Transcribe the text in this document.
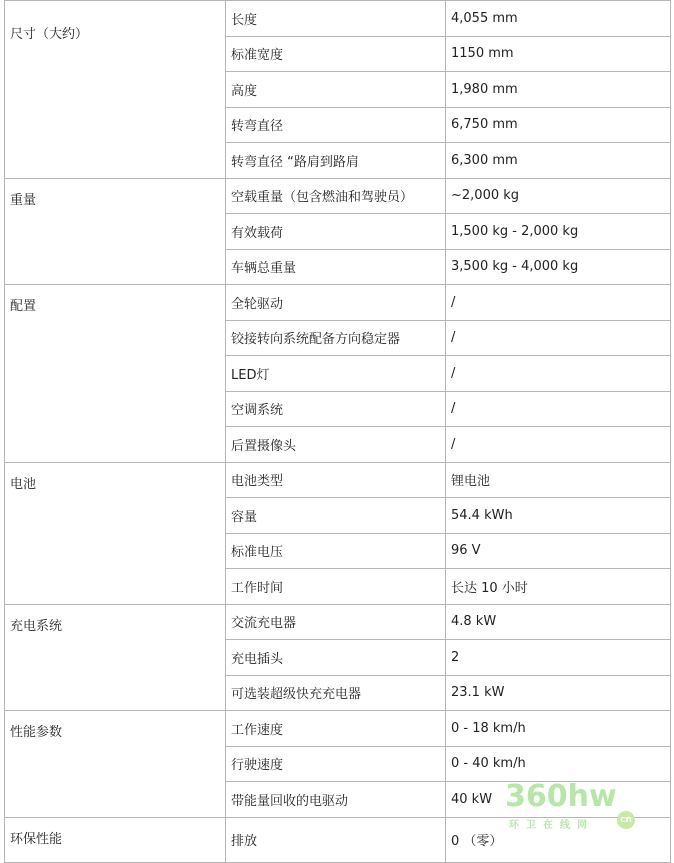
尺寸（大约）	长度	4,055 mm
	标准宽度	1150 mm
	高度	1,980 mm
	转弯直径	6,750 mm
	转弯直径 “路肩到路肩	6,300 mm
重量	空载重量（包含燃油和驾驶员）	~2,000 kg
	有效载荷	1,500 kg - 2,000 kg
	车辆总重量	3,500 kg - 4,000 kg
配置	全轮驱动	/
	铰接转向系统配备方向稳定器	/
	LED灯	/
	空调系统	/
	后置摄像头	/
电池	电池类型	锂电池
	容量	54.4 kWh
	标准电压	96 V
	工作时间	长达 10 小时
充电系统	交流充电器	4.8 kW
	充电插头	2
	可选装超级快充充电器	23.1 kW
性能参数	工作速度	0 - 18 km/h
	行驶速度	0 - 40 km/h
	带能量回收的电驱动	40 kW
环保性能	排放	0 （零）
360hw
环卫在线网	cn
